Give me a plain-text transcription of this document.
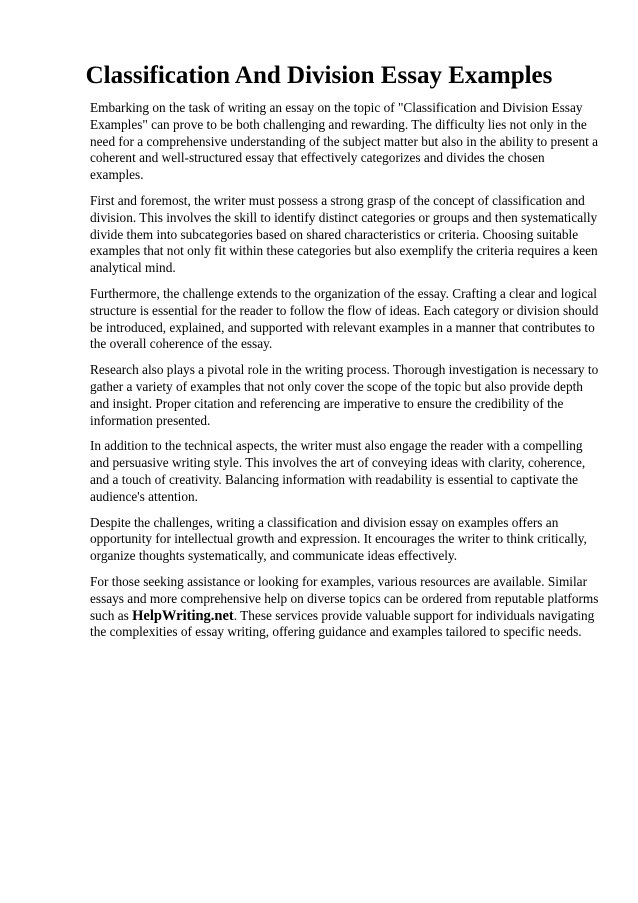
Classification And Division Essay Examples

Embarking on the task of writing an essay on the topic of "Classification and Division Essay Examples" can prove to be both challenging and rewarding. The difficulty lies not only in the need for a comprehensive understanding of the subject matter but also in the ability to present a coherent and well-structured essay that effectively categorizes and divides the chosen examples.

First and foremost, the writer must possess a strong grasp of the concept of classification and division. This involves the skill to identify distinct categories or groups and then systematically divide them into subcategories based on shared characteristics or criteria. Choosing suitable examples that not only fit within these categories but also exemplify the criteria requires a keen analytical mind.

Furthermore, the challenge extends to the organization of the essay. Crafting a clear and logical structure is essential for the reader to follow the flow of ideas. Each category or division should be introduced, explained, and supported with relevant examples in a manner that contributes to the overall coherence of the essay.

Research also plays a pivotal role in the writing process. Thorough investigation is necessary to gather a variety of examples that not only cover the scope of the topic but also provide depth and insight. Proper citation and referencing are imperative to ensure the credibility of the information presented.

In addition to the technical aspects, the writer must also engage the reader with a compelling and persuasive writing style. This involves the art of conveying ideas with clarity, coherence, and a touch of creativity. Balancing information with readability is essential to captivate the audience's attention.

Despite the challenges, writing a classification and division essay on examples offers an opportunity for intellectual growth and expression. It encourages the writer to think critically, organize thoughts systematically, and communicate ideas effectively.

For those seeking assistance or looking for examples, various resources are available. Similar essays and more comprehensive help on diverse topics can be ordered from reputable platforms such as HelpWriting.net. These services provide valuable support for individuals navigating the complexities of essay writing, offering guidance and examples tailored to specific needs.
